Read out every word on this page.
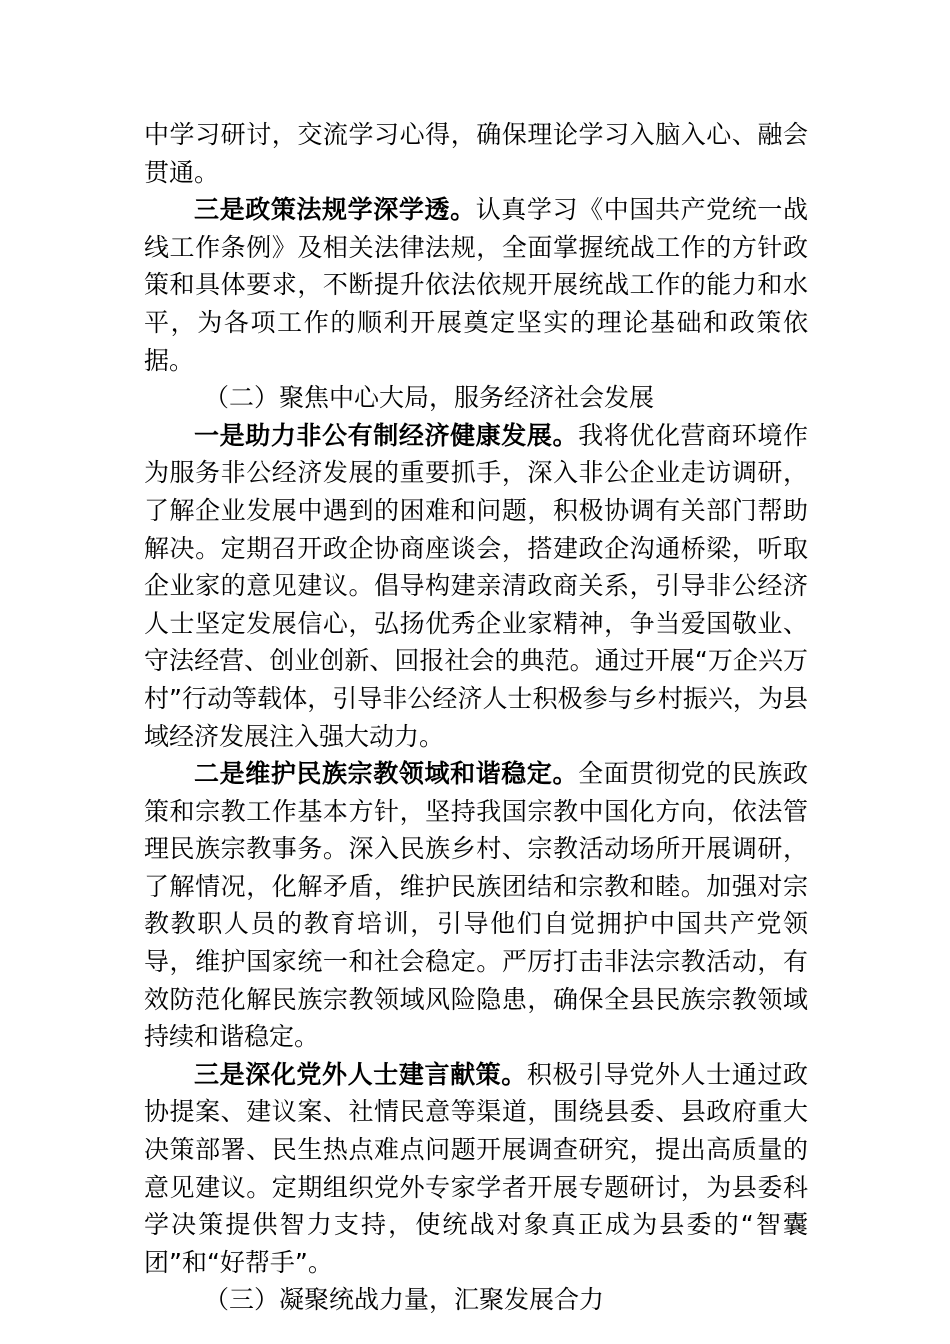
中学习研讨，交流学习心得，确保理论学习入脑入心、融会贯通。

三是政策法规学深学透。认真学习《中国共产党统一战线工作条例》及相关法律法规，全面掌握统战工作的方针政策和具体要求，不断提升依法依规开展统战工作的能力和水平，为各项工作的顺利开展奠定坚实的理论基础和政策依据。

（二）聚焦中心大局，服务经济社会发展

一是助力非公有制经济健康发展。我将优化营商环境作为服务非公经济发展的重要抓手，深入非公企业走访调研，了解企业发展中遇到的困难和问题，积极协调有关部门帮助解决。定期召开政企协商座谈会，搭建政企沟通桥梁，听取企业家的意见建议。倡导构建亲清政商关系，引导非公经济人士坚定发展信心，弘扬优秀企业家精神，争当爱国敬业、守法经营、创业创新、回报社会的典范。通过开展“万企兴万村”行动等载体，引导非公经济人士积极参与乡村振兴，为县域经济发展注入强大动力。

二是维护民族宗教领域和谐稳定。全面贯彻党的民族政策和宗教工作基本方针，坚持我国宗教中国化方向，依法管理民族宗教事务。深入民族乡村、宗教活动场所开展调研，了解情况，化解矛盾，维护民族团结和宗教和睦。加强对宗教教职人员的教育培训，引导他们自觉拥护中国共产党领导，维护国家统一和社会稳定。严厉打击非法宗教活动，有效防范化解民族宗教领域风险隐患，确保全县民族宗教领域持续和谐稳定。

三是深化党外人士建言献策。积极引导党外人士通过政协提案、建议案、社情民意等渠道，围绕县委、县政府重大决策部署、民生热点难点问题开展调查研究，提出高质量的意见建议。定期组织党外专家学者开展专题研讨，为县委科学决策提供智力支持，使统战对象真正成为县委的“智囊团”和“好帮手”。

（三）凝聚统战力量，汇聚发展合力
